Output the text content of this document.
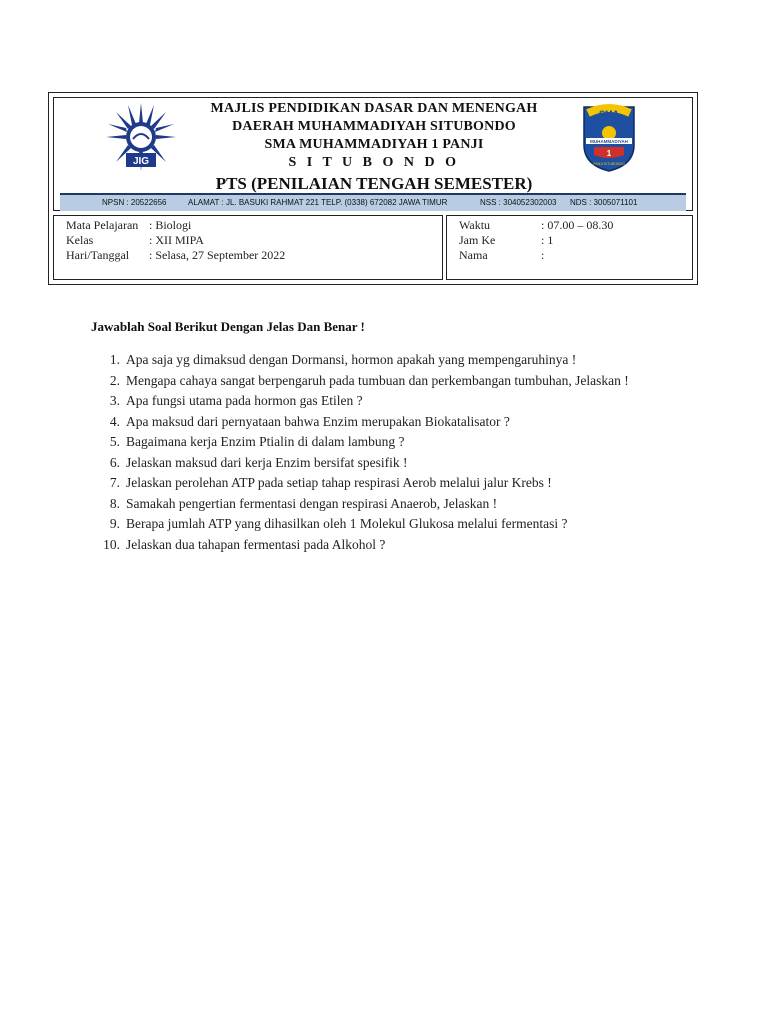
JIG
SMA
MUHAMMADIYAH
1
PANJI SITUBONDO
MAJLIS PENDIDIKAN DASAR DAN MENENGAH
DAERAH MUHAMMADIYAH SITUBONDO
SMA MUHAMMADIYAH 1 PANJI
S I T U B O N D O
PTS (PENILAIAN TENGAH SEMESTER)
NPSN : 20522656	ALAMAT : JL. BASUKI RAHMAT 221 TELP. (0338) 672082 JAWA TIMUR	NSS : 304052302003 NDS : 3005071101
Mata Pelajaran : Biologi
Kelas	: XII MIPA
Hari/Tanggal : Selasa, 27 September 2022
Waktu	: 07.00 – 08.30
Jam Ke	: 1
Nama	:
Jawablah Soal Berikut Dengan Jelas Dan Benar !
1. Apa saja yg dimaksud dengan Dormansi, hormon apakah yang mempengaruhinya !
2. Mengapa cahaya sangat berpengaruh pada tumbuan dan perkembangan tumbuhan, Jelaskan !
3. Apa fungsi utama pada hormon gas Etilen ?
4. Apa maksud dari pernyataan bahwa Enzim merupakan Biokatalisator ?
5. Bagaimana kerja Enzim Ptialin di dalam lambung ?
6. Jelaskan maksud dari kerja Enzim bersifat spesifik !
7. Jelaskan perolehan ATP pada setiap tahap respirasi Aerob melalui jalur Krebs !
8. Samakah pengertian fermentasi dengan respirasi Anaerob, Jelaskan !
9. Berapa jumlah ATP yang dihasilkan oleh 1 Molekul Glukosa melalui fermentasi ?
10. Jelaskan dua tahapan fermentasi pada Alkohol ?
